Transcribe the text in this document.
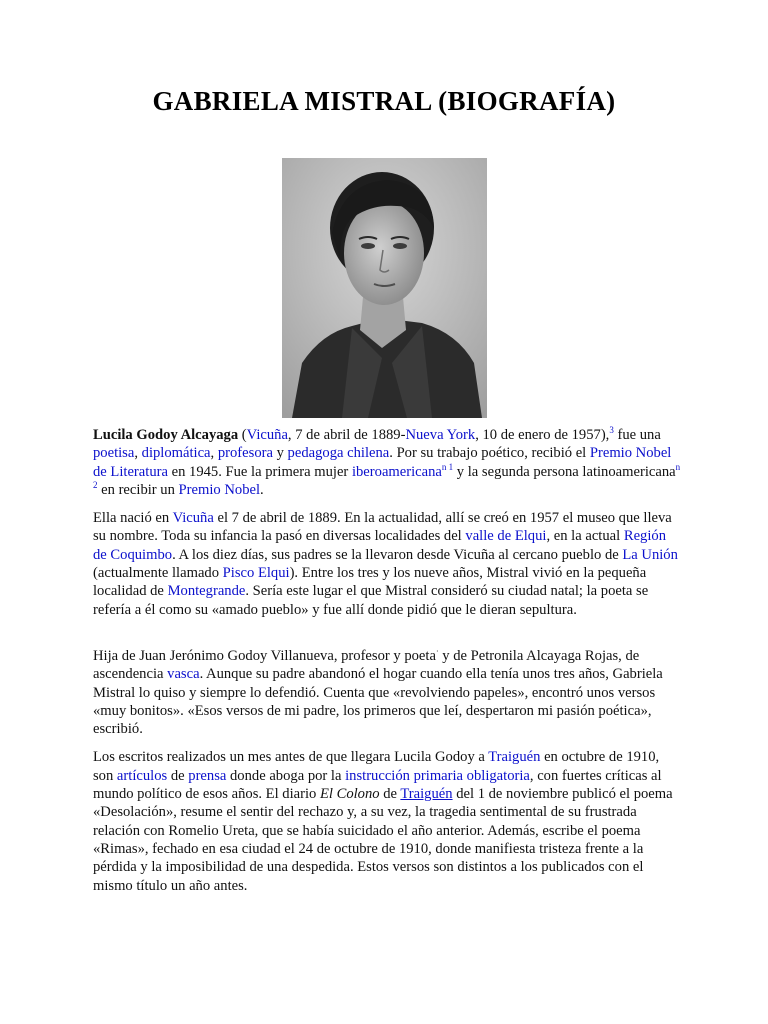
GABRIELA MISTRAL (BIOGRAFÍA)

Lucila Godoy Alcayaga (Vicuña, 7 de abril de 1889-Nueva York, 10 de enero de 1957),$^3$ fue una poetisa, diplomática, profesora y pedagoga chilena. Por su trabajo poético, recibió el Premio Nobel de Literatura en 1945. Fue la primera mujer iberoamericana$^{n 1}$ y la segunda persona latinoamericana$^{n 2}$ en recibir un Premio Nobel.

Ella nació en Vicuña el 7 de abril de 1889. En la actualidad, allí se creó en 1957 el museo que lleva su nombre. Toda su infancia la pasó en diversas localidades del valle de Elqui, en la actual Región de Coquimbo. A los diez días, sus padres se la llevaron desde Vicuña al cercano pueblo de La Unión (actualmente llamado Pisco Elqui). Entre los tres y los nueve años, Mistral vivió en la pequeña localidad de Montegrande. Sería este lugar el que Mistral consideró su ciudad natal; la poeta se refería a él como su «amado pueblo» y fue allí donde pidió que le dieran sepultura.

Hija de Juan Jerónimo Godoy Villanueva, profesor y poeta· y de Petronila Alcayaga Rojas, de ascendencia vasca. Aunque su padre abandonó el hogar cuando ella tenía unos tres años, Gabriela Mistral lo quiso y siempre lo defendió. Cuenta que «revolviendo papeles», encontró unos versos «muy bonitos». «Esos versos de mi padre, los primeros que leí, despertaron mi pasión poética», escribió.

Los escritos realizados un mes antes de que llegara Lucila Godoy a Traiguén en octubre de 1910, son artículos de prensa donde aboga por la instrucción primaria obligatoria, con fuertes críticas al mundo político de esos años. El diario El Colono de Traiguén del 1 de noviembre publicó el poema «Desolación», resume el sentir del rechazo y, a su vez, la tragedia sentimental de su frustrada relación con Romelio Ureta, que se había suicidado el año anterior. Además, escribe el poema «Rimas», fechado en esa ciudad el 24 de octubre de 1910, donde manifiesta tristeza frente a la pérdida y la imposibilidad de una despedida. Estos versos son distintos a los publicados con el mismo título un año antes.
